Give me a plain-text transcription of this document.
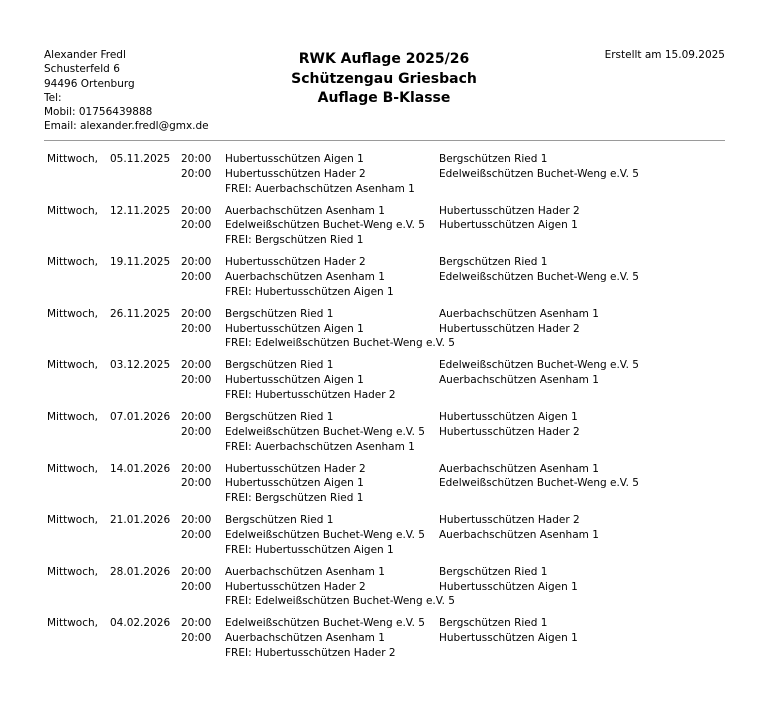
Alexander Fredl
Schusterfeld 6
94496 Ortenburg
Tel:
Mobil: 01756439888
Email: alexander.fredl@gmx.de
RWK Auflage 2025/26
Schützengau Griesbach
Auflage B-Klasse
Erstellt am 15.09.2025
Mittwoch, 05.11.2025 20:00
20:00
Hubertusschützen Aigen 1
Hubertusschützen Hader 2
FREI: Auerbachschützen Asenham 1
Bergschützen Ried 1
Edelweißschützen Buchet-Weng e.V. 5
Mittwoch, 12.11.2025 20:00
20:00
Auerbachschützen Asenham 1
Edelweißschützen Buchet-Weng e.V. 5
FREI: Bergschützen Ried 1
Hubertusschützen Hader 2
Hubertusschützen Aigen 1
Mittwoch, 19.11.2025 20:00
20:00
Hubertusschützen Hader 2
Auerbachschützen Asenham 1
FREI: Hubertusschützen Aigen 1
Bergschützen Ried 1
Edelweißschützen Buchet-Weng e.V. 5
Mittwoch, 26.11.2025 20:00
20:00
Bergschützen Ried 1
Hubertusschützen Aigen 1
FREI: Edelweißschützen Buchet-Weng e.V. 5
Auerbachschützen Asenham 1
Hubertusschützen Hader 2
Mittwoch, 03.12.2025 20:00
20:00
Bergschützen Ried 1
Hubertusschützen Aigen 1
FREI: Hubertusschützen Hader 2
Edelweißschützen Buchet-Weng e.V. 5
Auerbachschützen Asenham 1
Mittwoch, 07.01.2026 20:00
20:00
Bergschützen Ried 1
Edelweißschützen Buchet-Weng e.V. 5
FREI: Auerbachschützen Asenham 1
Hubertusschützen Aigen 1
Hubertusschützen Hader 2
Mittwoch, 14.01.2026 20:00
20:00
Hubertusschützen Hader 2
Hubertusschützen Aigen 1
FREI: Bergschützen Ried 1
Auerbachschützen Asenham 1
Edelweißschützen Buchet-Weng e.V. 5
Mittwoch, 21.01.2026 20:00
20:00
Bergschützen Ried 1
Edelweißschützen Buchet-Weng e.V. 5
FREI: Hubertusschützen Aigen 1
Hubertusschützen Hader 2
Auerbachschützen Asenham 1
Mittwoch, 28.01.2026 20:00
20:00
Auerbachschützen Asenham 1
Hubertusschützen Hader 2
FREI: Edelweißschützen Buchet-Weng e.V. 5
Bergschützen Ried 1
Hubertusschützen Aigen 1
Mittwoch, 04.02.2026 20:00
20:00
Edelweißschützen Buchet-Weng e.V. 5
Auerbachschützen Asenham 1
FREI: Hubertusschützen Hader 2
Bergschützen Ried 1
Hubertusschützen Aigen 1
